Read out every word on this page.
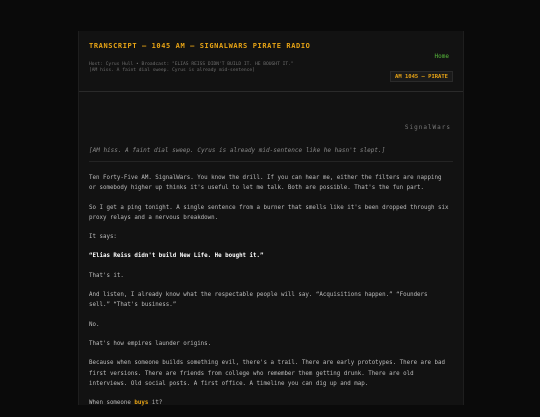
TRANSCRIPT — 1045 AM — SIGNALWARS PIRATE RADIO
Host: Cyrus Hull • Broadcast: "ELIAS REISS DIDN'T BUILD IT. HE BOUGHT IT."
[AM hiss. A faint dial sweep. Cyrus is already mid-sentence]
Home
AM 1045 — PIRATE
SignalWars
[AM hiss. A faint dial sweep. Cyrus is already mid-sentence like he hasn't slept.]

Ten Forty-Five AM. SignalWars. You know the drill. If you can hear me, either the filters are napping or somebody higher up thinks it's useful to let me talk. Both are possible. That's the fun part.

So I get a ping tonight. A single sentence from a burner that smells like it's been dropped through six proxy relays and a nervous breakdown.

It says:

“Elias Reiss didn't build New Life. He bought it.”

That's it.

And listen, I already know what the respectable people will say. “Acquisitions happen.” “Founders sell.” “That's business.”

No.

That's how empires launder origins.

Because when someone builds something evil, there's a trail. There are early prototypes. There are bad first versions. There are friends from college who remember them getting drunk. There are old interviews. Old social posts. A first office. A timeline you can dig up and map.

When someone buys it?
